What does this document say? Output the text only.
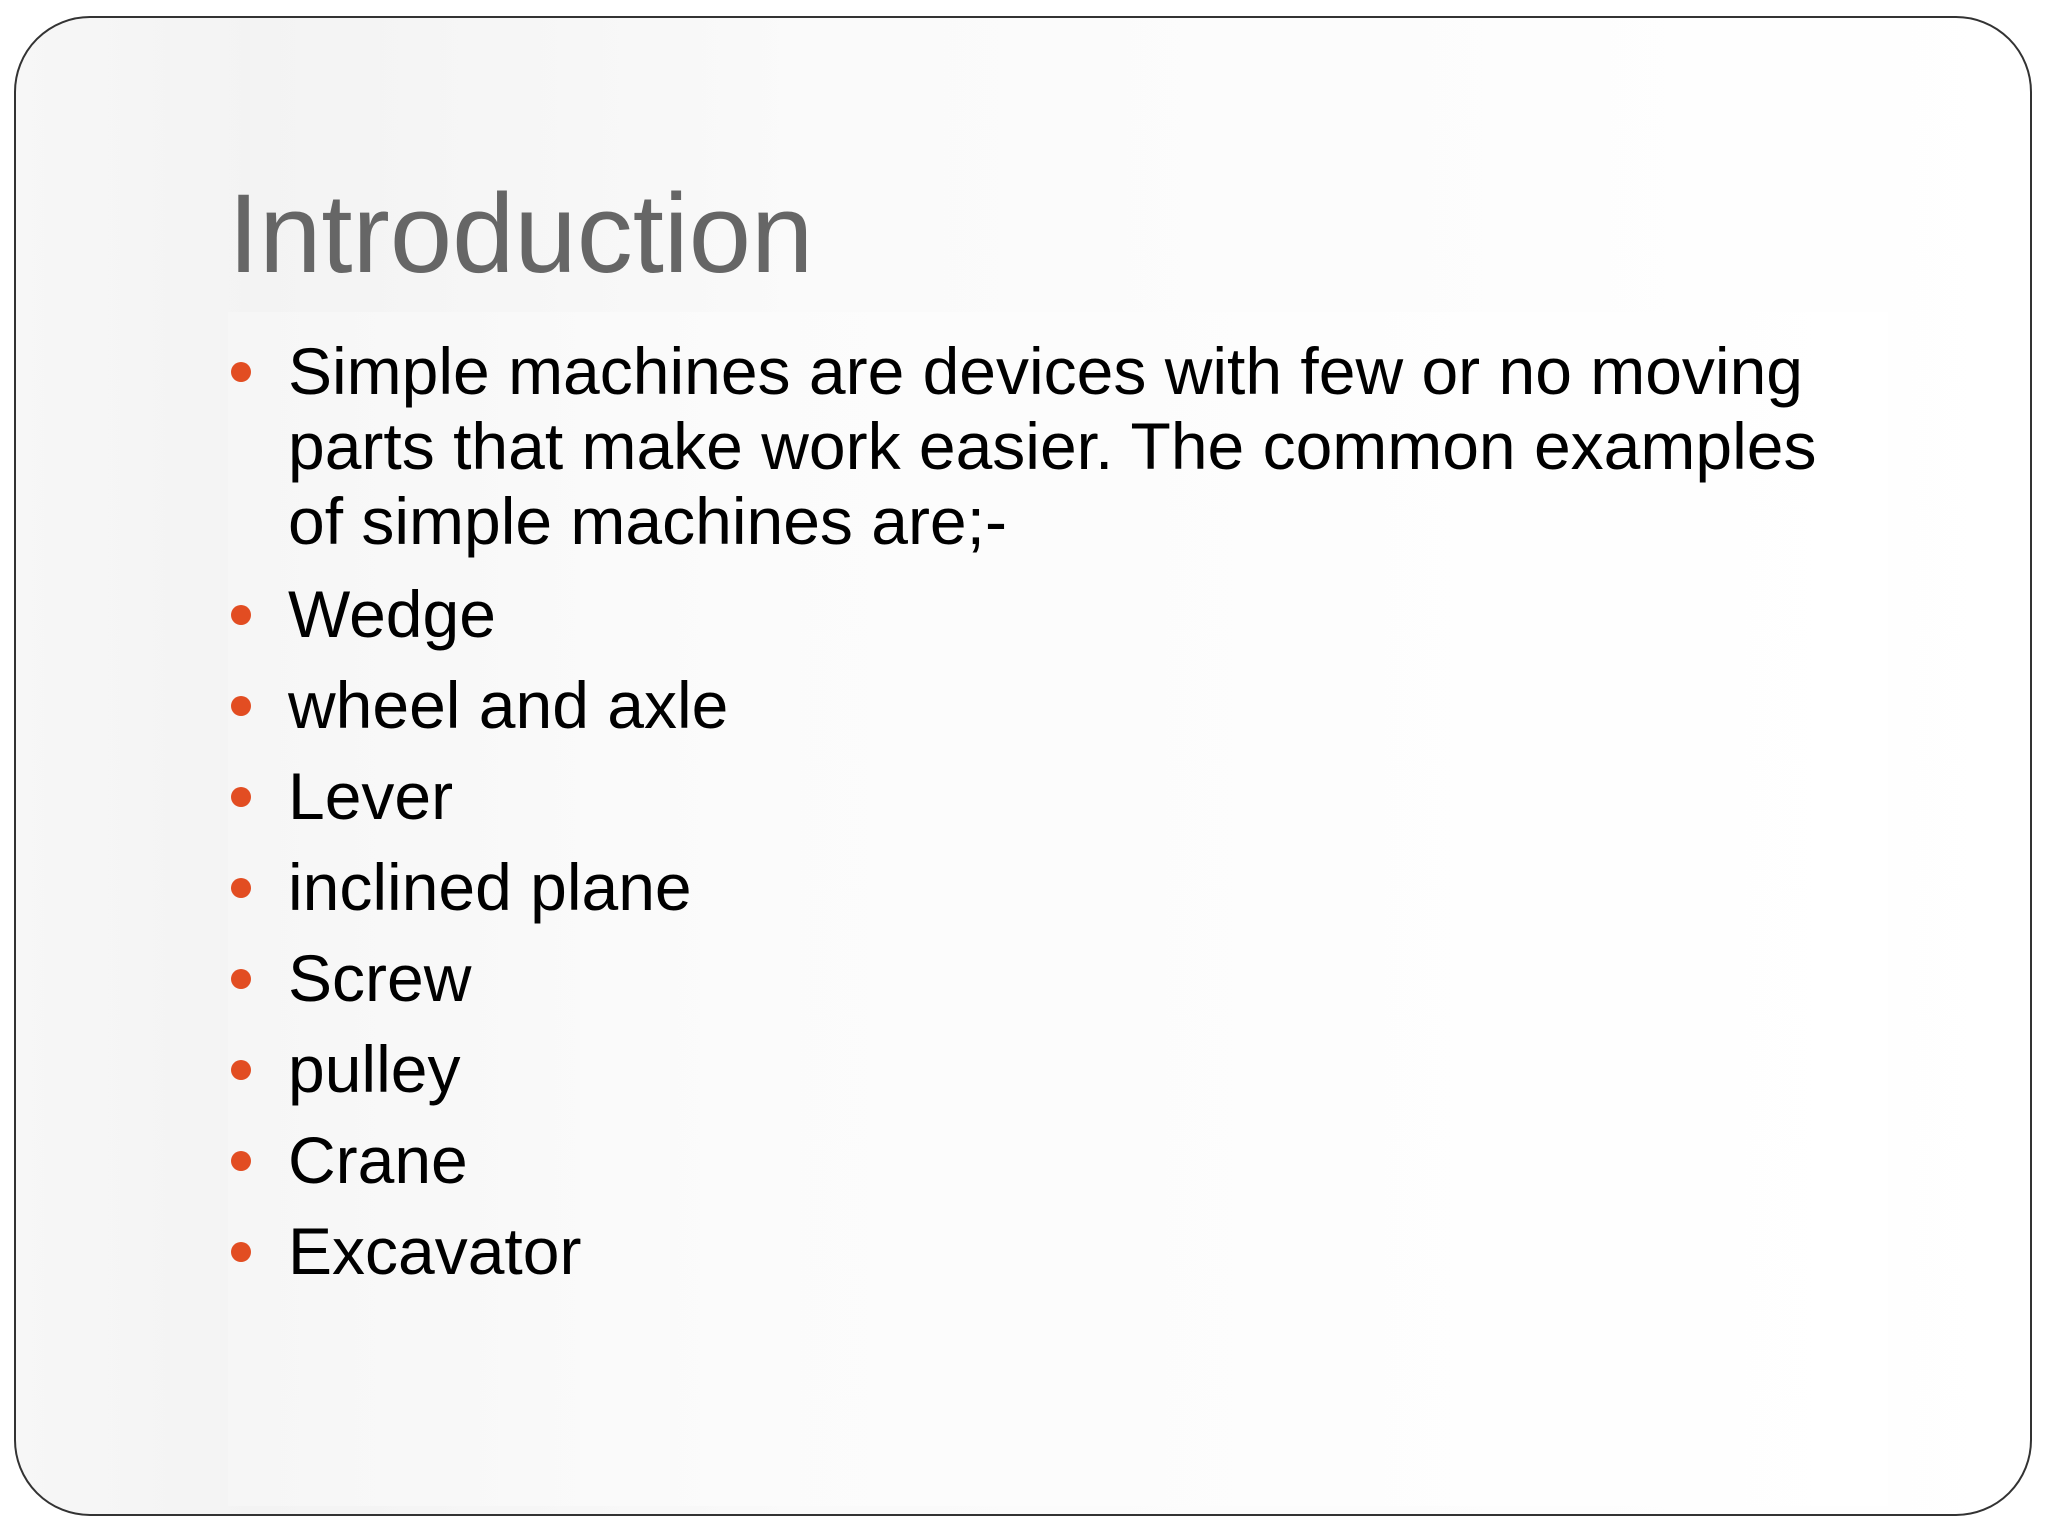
Introduction
Simple machines are devices with few or no moving
parts that make work easier. The common examples
of simple machines are;-
Wedge
wheel and axle
Lever
inclined plane
Screw
pulley
Crane
Excavator
